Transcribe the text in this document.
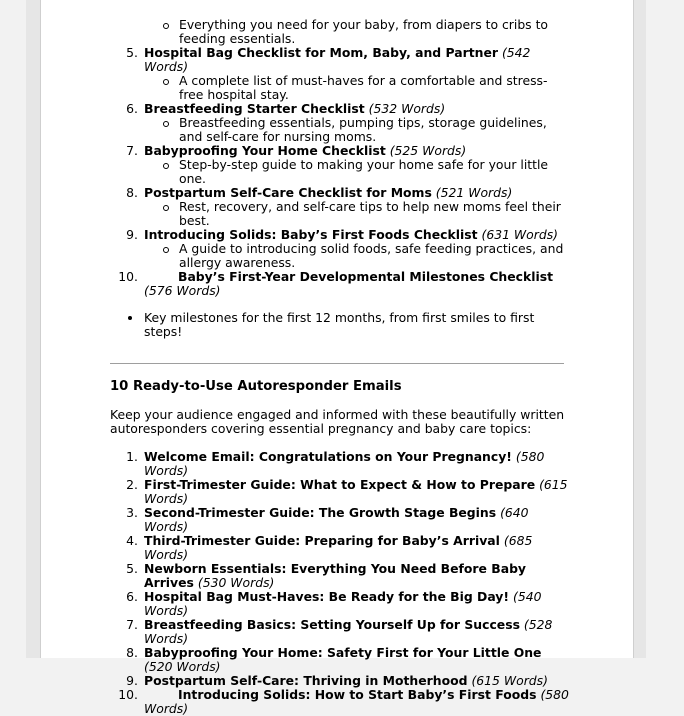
Everything you need for your baby, from diapers to cribs to feeding essentials.
5. Hospital Bag Checklist for Mom, Baby, and Partner (542 Words)
A complete list of must-haves for a comfortable and stress-free hospital stay.
6. Breastfeeding Starter Checklist (532 Words)
Breastfeeding essentials, pumping tips, storage guidelines, and self-care for nursing moms.
7. Babyproofing Your Home Checklist (525 Words)
Step-by-step guide to making your home safe for your little one.
8. Postpartum Self-Care Checklist for Moms (521 Words)
Rest, recovery, and self-care tips to help new moms feel their best.
9. Introducing Solids: Baby’s First Foods Checklist (631 Words)
A guide to introducing solid foods, safe feeding practices, and allergy awareness.
10.	Baby’s First-Year Developmental Milestones Checklist (576 Words)
Key milestones for the first 12 months, from first smiles to first steps!
10 Ready-to-Use Autoresponder Emails
Keep your audience engaged and informed with these beautifully written autoresponders covering essential pregnancy and baby care topics:
1. Welcome Email: Congratulations on Your Pregnancy! (580 Words)
2. First-Trimester Guide: What to Expect & How to Prepare (615 Words)
3. Second-Trimester Guide: The Growth Stage Begins (640 Words)
4. Third-Trimester Guide: Preparing for Baby’s Arrival (685 Words)
5. Newborn Essentials: Everything You Need Before Baby Arrives (530 Words)
6. Hospital Bag Must-Haves: Be Ready for the Big Day! (540 Words)
7. Breastfeeding Basics: Setting Yourself Up for Success (528 Words)
8. Babyproofing Your Home: Safety First for Your Little One (520 Words)
9. Postpartum Self-Care: Thriving in Motherhood (615 Words)
10.	Introducing Solids: How to Start Baby’s First Foods (580 Words)
